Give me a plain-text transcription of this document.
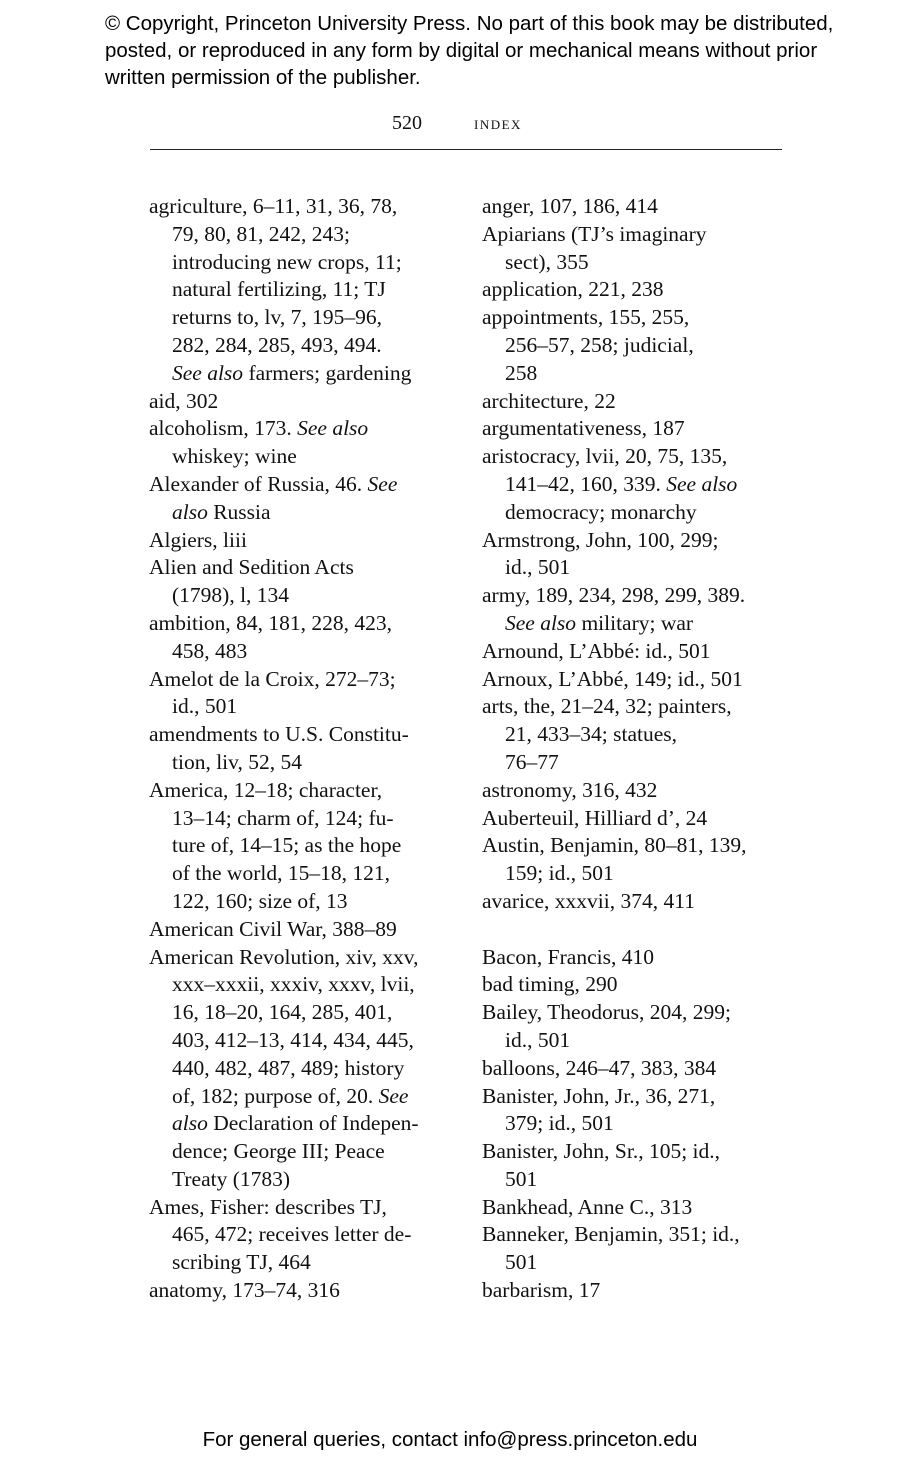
© Copyright, Princeton University Press. No part of this book may be distributed, posted, or reproduced in any form by digital or mechanical means without prior written permission of the publisher.
520	index
agriculture, 6–11, 31, 36, 78,
79, 80, 81, 242, 243;
introducing new crops, 11;
natural fertilizing, 11; TJ
returns to, lv, 7, 195–96,
282, 284, 285, 493, 494.
See also farmers; gardening
aid, 302
alcoholism, 173. See also
whiskey; wine
Alexander of Russia, 46. See
also Russia
Algiers, liii
Alien and Sedition Acts
(1798), l, 134
ambition, 84, 181, 228, 423,
458, 483
Amelot de la Croix, 272–73;
id., 501
amendments to U.S. Constitu-
tion, liv, 52, 54
America, 12–18; character,
13–14; charm of, 124; fu-
ture of, 14–15; as the hope
of the world, 15–18, 121,
122, 160; size of, 13
American Civil War, 388–89
American Revolution, xiv, xxv,
xxx–xxxii, xxxiv, xxxv, lvii,
16, 18–20, 164, 285, 401,
403, 412–13, 414, 434, 445,
440, 482, 487, 489; history
of, 182; purpose of, 20. See
also Declaration of Indepen-
dence; George III; Peace
Treaty (1783)
Ames, Fisher: describes TJ,
465, 472; receives letter de-
scribing TJ, 464
anatomy, 173–74, 316
anger, 107, 186, 414
Apiarians (TJ’s imaginary
sect), 355
application, 221, 238
appointments, 155, 255,
256–57, 258; judicial,
258
architecture, 22
argumentativeness, 187
aristocracy, lvii, 20, 75, 135,
141–42, 160, 339. See also
democracy; monarchy
Armstrong, John, 100, 299;
id., 501
army, 189, 234, 298, 299, 389.
See also military; war
Arnound, L’Abbé: id., 501
Arnoux, L’Abbé, 149; id., 501
arts, the, 21–24, 32; painters,
21, 433–34; statues,
76–77
astronomy, 316, 432
Auberteuil, Hilliard d’, 24
Austin, Benjamin, 80–81, 139,
159; id., 501
avarice, xxxvii, 374, 411
Bacon, Francis, 410
bad timing, 290
Bailey, Theodorus, 204, 299;
id., 501
balloons, 246–47, 383, 384
Banister, John, Jr., 36, 271,
379; id., 501
Banister, John, Sr., 105; id.,
501
Bankhead, Anne C., 313
Banneker, Benjamin, 351; id.,
501
barbarism, 17
For general queries, contact info@press.princeton.edu
